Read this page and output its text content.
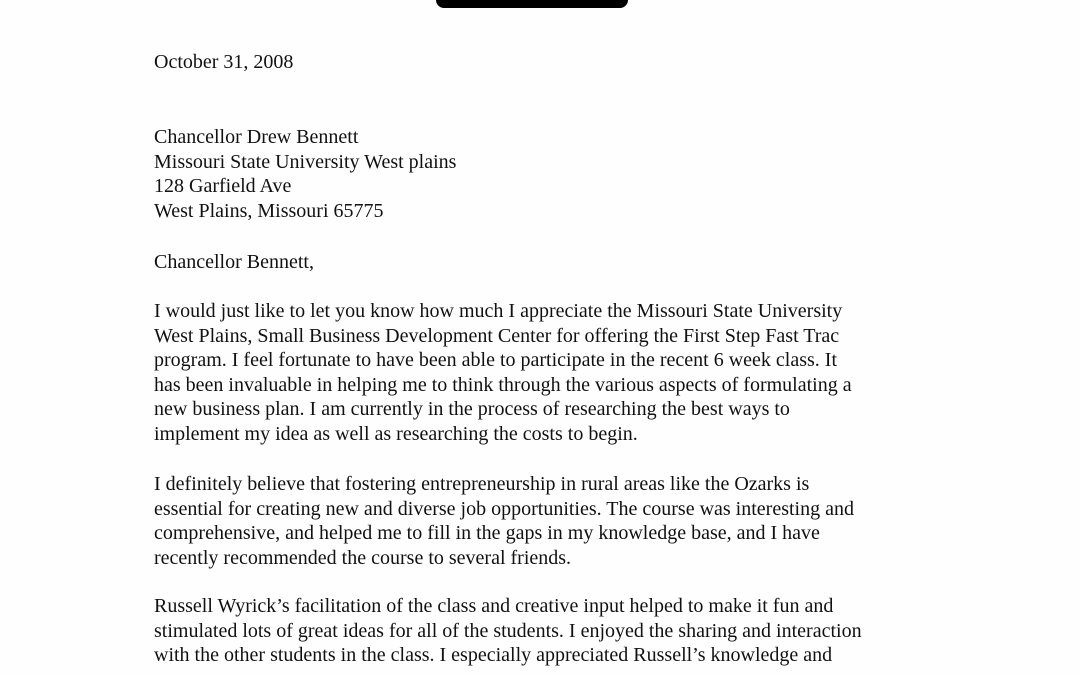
October 31, 2008

Chancellor Drew Bennett

Missouri State University West plains

128 Garfield Ave

West Plains, Missouri 65775

Chancellor Bennett,

I would just like to let you know how much I appreciate the Missouri State University

West Plains, Small Business Development Center for offering the First Step Fast Trac

program. I feel fortunate to have been able to participate in the recent 6 week class. It

has been invaluable in helping me to think through the various aspects of formulating a

new business plan. I am currently in the process of researching the best ways to

implement my idea as well as researching the costs to begin.

I definitely believe that fostering entrepreneurship in rural areas like the Ozarks is

essential for creating new and diverse job opportunities. The course was interesting and

comprehensive, and helped me to fill in the gaps in my knowledge base, and I have

recently recommended the course to several friends.

Russell Wyrick’s facilitation of the class and creative input helped to make it fun and

stimulated lots of great ideas for all of the students. I enjoyed the sharing and interaction

with the other students in the class. I especially appreciated Russell’s knowledge and
